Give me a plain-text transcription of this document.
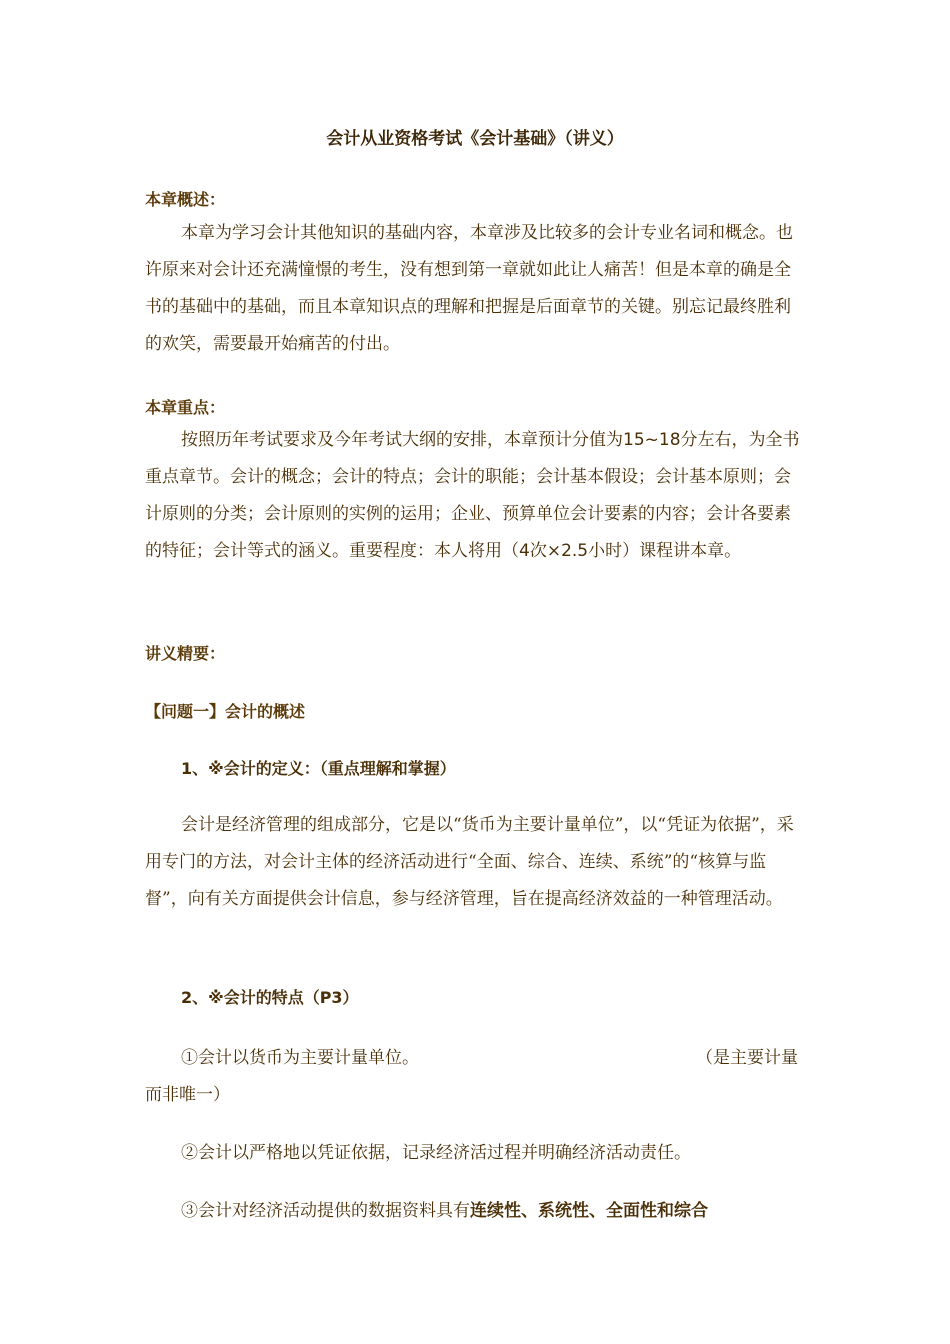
会计从业资格考试《会计基础》（讲义）
本章概述：

本章为学习会计其他知识的基础内容，本章涉及比较多的会计专业名词和概念。也许原来对会计还充满憧憬的考生，没有想到第一章就如此让人痛苦！但是本章的确是全书的基础中的基础，而且本章知识点的理解和把握是后面章节的关键。别忘记最终胜利的欢笑，需要最开始痛苦的付出。

本章重点：

按照历年考试要求及今年考试大纲的安排，本章预计分值为15~18分左右，为全书重点章节。会计的概念；会计的特点；会计的职能；会计基本假设；会计基本原则；会计原则的分类；会计原则的实例的运用；企业、预算单位会计要素的内容；会计各要素的特征；会计等式的涵义。重要程度：本人将用（4次×2.5小时）课程讲本章。

讲义精要：
【问题一】会计的概述
1、※会计的定义：（重点理解和掌握）

会计是经济管理的组成部分，它是以“货币为主要计量单位”，以“凭证为依据”，采用专门的方法，对会计主体的经济活动进行“全面、综合、连续、系统”的“核算与监督”，向有关方面提供会计信息，参与经济管理，旨在提高经济效益的一种管理活动。

2、※会计的特点（P3）
①会计以货币为主要计量单位。	（是主要计量
而非唯一）
②会计以严格地以凭证依据，记录经济活过程并明确经济活动责任。
③会计对经济活动提供的数据资料具有连续性、系统性、全面性和综合
